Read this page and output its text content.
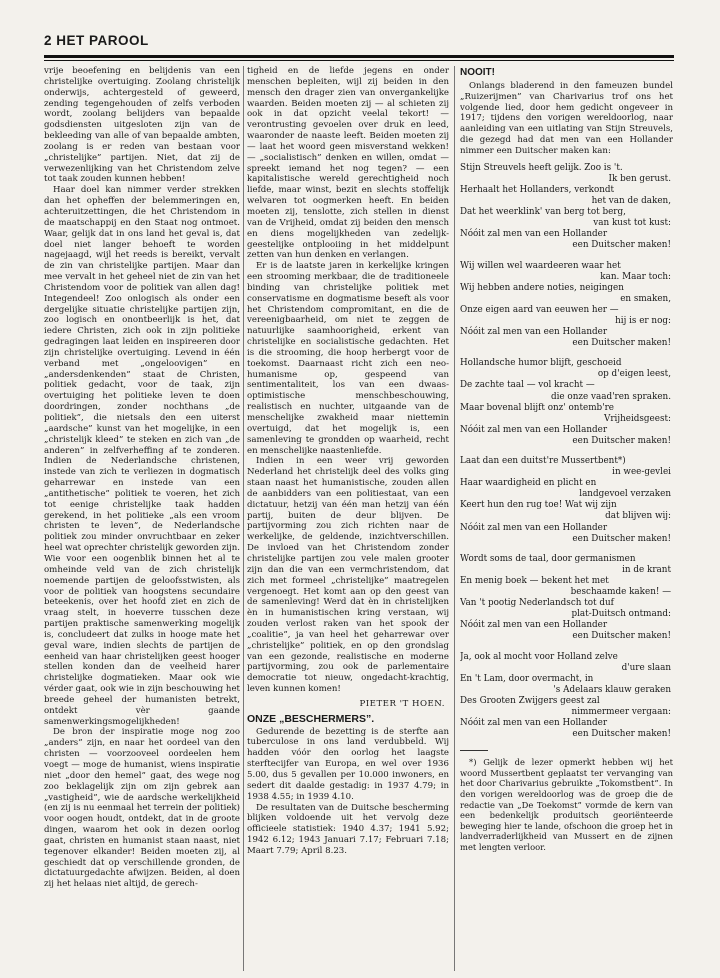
2 HET PAROOL

vrije beoefening en belijdenis van een christelijke overtuiging. Zoolang christelijk onderwijs, achtergesteld of geweerd, zending tegengehouden of zelfs verboden wordt, zoolang belijders van bepaalde godsdiensten uitgesloten zijn van de bekleeding van alle of van bepaalde ambten, zoolang is er reden van bestaan voor „christelijke” partijen. Niet, dat zij de verwezenlijking van het Christendom zelve tot taak zouden kunnen hebben!

Haar doel kan nimmer verder strekken dan het opheffen der belemmeringen en, achteruitzettingen, die het Christendom in de maatschappij en den Staat nog ontmoet. Waar, gelijk dat in ons land het geval is, dat doel niet langer behoeft te worden nagejaagd, wijl het reeds is bereikt, vervalt de zin van christelijke partijen. Maar dan mee vervalt in het geheel niet de zin van het Christendom voor de politiek van allen dag! Integendeel! Zoo onlogisch als onder een dergelijke situatie christelijke partijen zijn, zoo logisch en onontbeerlijk is het, dat iedere Christen, zich ook in zijn politieke gedragingen laat leiden en inspireeren door zijn christelijke overtuiging. Levend in één verband met „ongeloovigen” en „andersdenkenden” staat de Christen, politiek gedacht, voor de taak, zijn overtuiging het politieke leven te doen doordringen, zonder nochthans „de politiek”, die nietsals den een uiterst „aardsche” kunst van het mogelijke, in een „christelijk kleed” te steken en zich van „de anderen” in zelfverheffing af te zonderen. Indien de Nederlandsche christenen, instede van zich te verliezen in dogmatisch geharrewar en instede van een „antithetische” politiek te voeren, het zich tot eenige christelijke taak hadden gerekend, in het politieke „als een vroom christen te leven”, de Nederlandsche politiek zou minder onvruchtbaar en zeker heel wat oprechter christelijk geworden zijn. Wie voor een oogenblik binnen het al te omheinde veld van de zich christelijk noemende partijen de geloofsstwisten, als voor de politiek van hoogstens secundaire beteekenis, over het hoofd ziet en zich de vraag stelt, in hoeverre tusschen deze partijen praktische samenwerking mogelijk is, concludeert dat zulks in hooge mate het geval ware, indien slechts de partijen de eenheid van haar christelijken geest hooger stellen konden dan de veelheid harer christelijke dogmatieken. Maar ook wie vérder gaat, ook wie in zijn beschouwing het breede geheel der humanisten betrekt, ontdekt vèr gaande samenwerkingsmogelijkheden!

De bron der inspiratie moge nog zoo „anders” zijn, en naar het oordeel van den christen — voorzooveel oordeelen hem voegt — moge de humanist, wiens inspiratie niet „door den hemel” gaat, des wege nog zoo beklagelijk zijn om zijn gebrek aan „vastigheid”, wie de aardsche werkelijkheid (en zij is nu eenmaal het terrein der politiek) voor oogen houdt, ontdekt, dat in de groote dingen, waarom het ook in dezen oorlog gaat, christen en humanist staan naast, niet tegenover elkander! Beiden moeten zij, al geschiedt dat op verschillende gronden, de dictatuurgedachte afwijzen. Beiden, al doen zij het helaas niet altijd, de gerech-

tigheid en de liefde jegens en onder menschen bepleiten, wijl zij beiden in den mensch den drager zien van onvergankelijke waarden. Beiden moeten zij — al schieten zij ook in dat opzicht veelal tekort! — verontrusting gevoelen over druk en leed, waaronder de naaste leeft. Beiden moeten zij — laat het woord geen misverstand wekken! — „socialistisch” denken en willen, omdat — spreekt iemand het nog tegen? — een kapitalistische wereld gerechtigheid noch liefde, maar winst, bezit en slechts stoffelijk welvaren tot oogmerken heeft. En beiden moeten zij, tenslotte, zich stellen in dienst van de Vrijheid, omdat zij beiden den mensch en diens mogelijkheden van zedelijk-geestelijke ontplooiing in het middelpunt zetten van hun denken en verlangen.

Er is de laatste jaren in kerkelijke kringen een strooming merkbaar, die de traditioneele binding van christelijke politiek met conservatisme en dogmatisme beseft als voor het Christendom compromitant, en die de vereenigbaarheid, om niet te zeggen de natuurlijke saamhoorigheid, erkent van christelijke en socialistische gedachten. Het is die strooming, die hoop herbergt voor de toekomst. Daarnaast richt zich een neo-humanisme op, gespeend van sentimentaliteit, los van een dwaas-optimistische menschbeschouwing, realistisch en nuchter, uitgaande van de menschelijke zwakheid maar niettemin overtuigd, dat het mogelijk is, een samenleving te grondden op waarheid, recht en menschelijke naastenliefde.

Indien in een weer vrij geworden Nederland het christelijk deel des volks ging staan naast het humanistische, zouden allen de aanbidders van een politiestaat, van een dictatuur, hetzij van één man hetzij van één partij, buiten de deur blijven. De partijvorming zou zich richten naar de werkelijke, de geldende, inzichtverschillen. De invloed van het Christendom zonder christelijke partijen zou vele malen grooter zijn dan die van een vermchristendom, dat zich met formeel „christelijke” maatregelen vergenoegt. Het komt aan op den geest van de samenleving! Werd dat èn in christelijken èn in humanistischen kring verstaan, wij zouden verlost raken van het spook der „coalitie”, ja van heel het geharrewar over „christelijke” politiek, en op den grondslag van een gezonde, realistische en moderne partijvorming, zou ook de parlementaire democratie tot nieuw, ongedacht-krachtig, leven kunnen komen!

PIETER 'T HOEN.
ONZE „BESCHERMERS”.

Gedurende de bezetting is de sterfte aan tuberculose in ons land verdubbeld. Wij hadden vóór den oorlog het laagste sterftecijfer van Europa, en wel over 1936 5.00, dus 5 gevallen per 10.000 inwoners, en sedert dit daalde gestadig: in 1937 4.79; in 1938 4.55; in 1939 4.10.

De resultaten van de Duitsche bescherming blijken voldoende uit het vervolg deze officieele statistiek: 1940 4.37; 1941 5.92; 1942 6.12; 1943 Januari 7.17; Februari 7.18; Maart 7.79; April 8.23.

NOOIT!

Onlangs bladerend in den fameuzen bundel „Ruizerijmen” van Charivarius trof ons het volgende lied, door hem gedicht ongeveer in 1917; tijdens den vorigen wereldoorlog, naar aanleiding van een uitlating van Stijn Streuvels, die gezegd had dat men van een Hollander nimmer een Duitscher maken kan:

Stijn Streuvels heeft gelijk. Zoo is 't.
Ik ben gerust.
Herhaalt het Hollanders, verkondt
het van de daken,
Dat het weerklink' van berg tot berg,
van kust tot kust:
Nóóit zal men van een Hollander
een Duitscher maken!
Wij willen wel waardeeren waar het
kan. Maar toch:
Wij hebben andere noties, neigingen
en smaken,
Onze eigen aard van eeuwen her —
hij is er nog:
Nóóit zal men van een Hollander
een Duitscher maken!
Hollandsche humor blijft, geschoeid
op d'eigen leest,
De zachte taal — vol kracht —
die onze vaad'ren spraken.
Maar bovenal blijft onz' ontemb're
Vrijheidsgeest:
Nóóit zal men van een Hollander
een Duitscher maken!
Laat dan een duitst're Mussertbent*)
in wee-gevlei
Haar waardigheid en plicht en
landgevoel verzaken
Keert hun den rug toe! Wat wij zijn
dat blijven wij:
Nóóit zal men van een Hollander
een Duitscher maken!
Wordt soms de taal, door germanismen
in de krant
En menig boek — bekent het met
beschaamde kaken! —
Van 't pootig Nederlandsch tot duf
plat-Duitsch ontmand:
Nóóit zal men van een Hollander
een Duitscher maken!
Ja, ook al mocht voor Holland zelve
d'ure slaan
En 't Lam, door overmacht, in
's Adelaars klauw geraken
Des Grooten Zwijgers geest zal
nimmermeer vergaan:
Nóóit zal men van een Hollander
een Duitscher maken!

*) Gelijk de lezer opmerkt hebben wij het woord Mussertbent geplaatst ter vervanging van het door Charivarius gebruikte „Tokomstbent”. In den vorigen wereldoorlog was de groep die de redactie van „De Toekomst” vormde de kern van een bedenkelijk produitsch georiënteerde beweging hier te lande, ofschoon die groep het in landverraderlijkheid van Mussert en de zijnen met lengten verloor.
